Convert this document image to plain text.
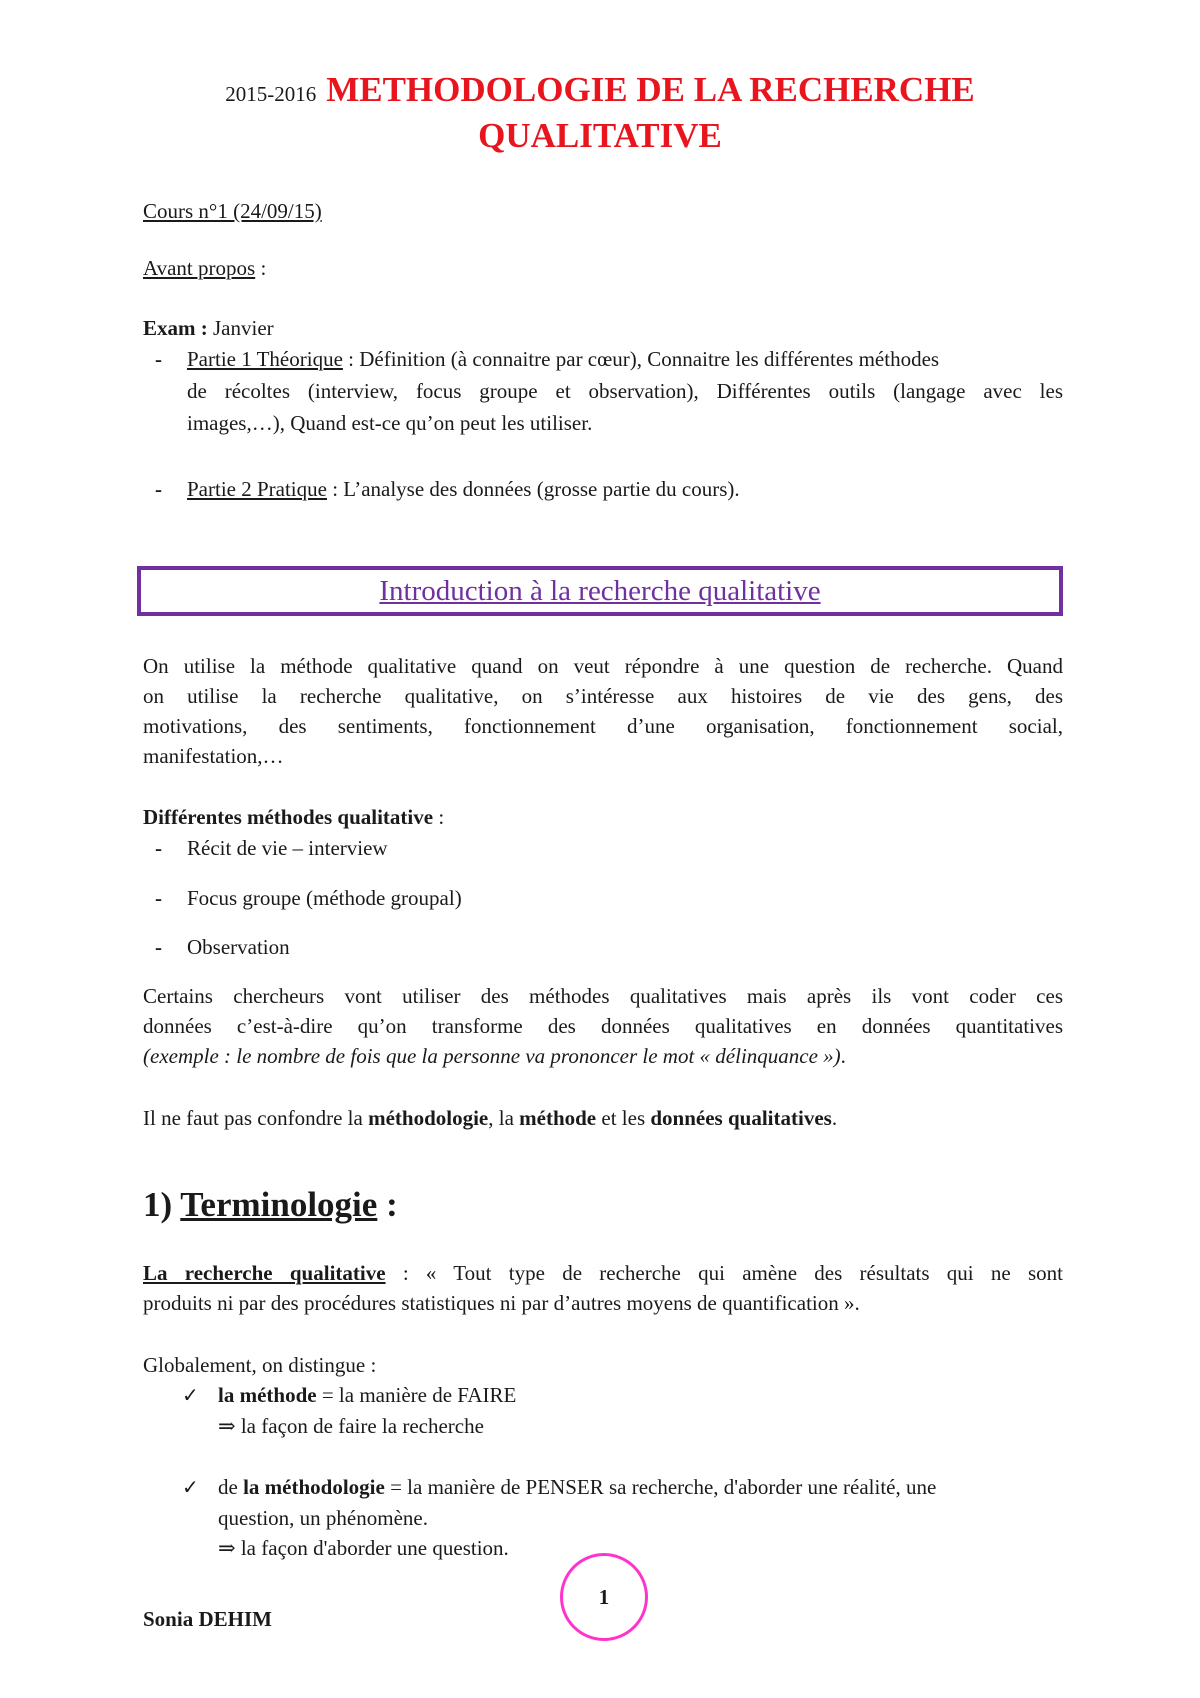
2015-2016 METHODOLOGIE DE LA RECHERCHE
QUALITATIVE
Cours n°1 (24/09/15)
Avant propos :
Exam : Janvier
- Partie 1 Théorique : Définition (à connaitre par cœur), Connaitre les différentes méthodes
de récoltes (interview, focus groupe et observation), Différentes outils (langage avec les
images,…), Quand est-ce qu’on peut les utiliser.
- Partie 2 Pratique : L’analyse des données (grosse partie du cours).
Introduction à la recherche qualitative
On utilise la méthode qualitative quand on veut répondre à une question de recherche. Quand
on utilise la recherche qualitative, on s’intéresse aux histoires de vie des gens, des
motivations, des sentiments, fonctionnement d’une organisation, fonctionnement social,
manifestation,…
Différentes méthodes qualitative :
- Récit de vie – interview
- Focus groupe (méthode groupal)
- Observation
Certains chercheurs vont utiliser des méthodes qualitatives mais après ils vont coder ces
données c’est-à-dire qu’on transforme des données qualitatives en données quantitatives
(exemple : le nombre de fois que la personne va prononcer le mot « délinquance »).
Il ne faut pas confondre la méthodologie, la méthode et les données qualitatives.
1) Terminologie :
La recherche qualitative : « Tout type de recherche qui amène des résultats qui ne sont
produits ni par des procédures statistiques ni par d’autres moyens de quantification ».
Globalement, on distingue :
✓ la méthode = la manière de FAIRE
⇒ la façon de faire la recherche
✓ de la méthodologie = la manière de PENSER sa recherche, d'aborder une réalité, une
question, un phénomène.
⇒ la façon d'aborder une question.
1
Sonia DEHIM
